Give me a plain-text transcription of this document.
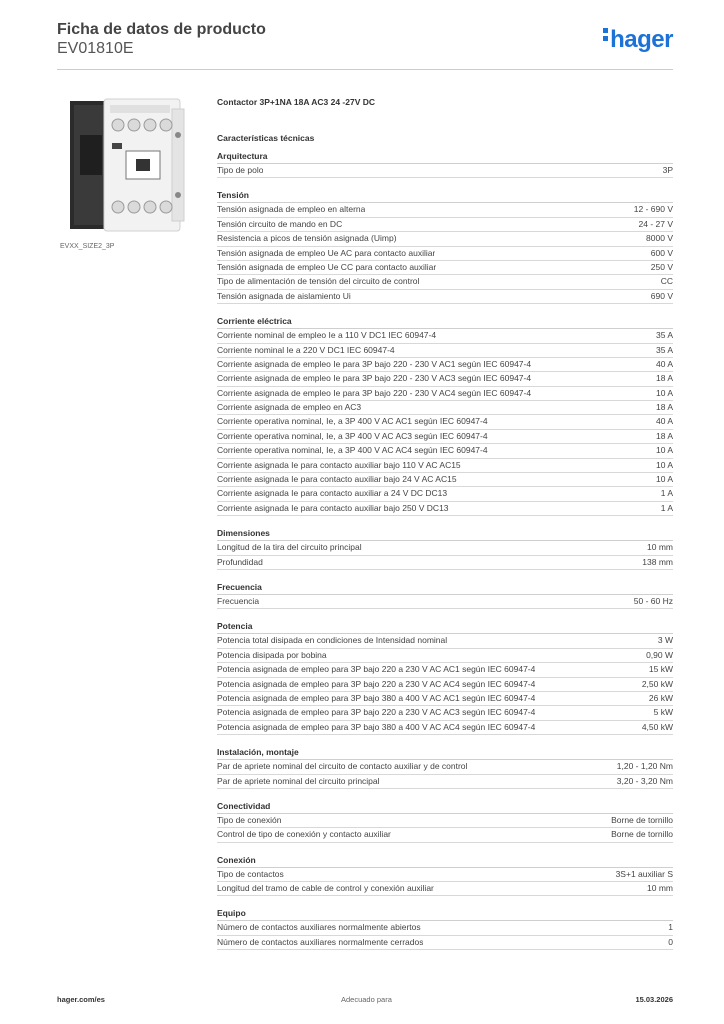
Ficha de datos de producto
EV01810E	hager
EVXX_SIZE2_3P
Contactor 3P+1NA 18A AC3 24 -27V DC
Características técnicas
Arquitectura
Tipo de polo	3P
Tensión
Tensión asignada de empleo en alterna	12 - 690 V
Tensión circuito de mando en DC	24 - 27 V
Resistencia a picos de tensión asignada (Uimp)	8000 V
Tensión asignada de empleo Ue AC para contacto auxiliar	600 V
Tensión asignada de empleo Ue CC para contacto auxiliar	250 V
Tipo de alimentación de tensión del circuito de control	CC
Tensión asignada de aislamiento Ui	690 V
Corriente eléctrica
Corriente nominal de empleo Ie a 110 V DC1 IEC 60947-4	35 A
Corriente nominal Ie a 220 V DC1 IEC 60947-4	35 A
Corriente asignada de empleo Ie para 3P bajo 220 - 230 V AC1 según IEC 60947-4	40 A
Corriente asignada de empleo Ie para 3P bajo 220 - 230 V AC3 según IEC 60947-4	18 A
Corriente asignada de empleo Ie para 3P bajo 220 - 230 V AC4 según IEC 60947-4	10 A
Corriente asignada de empleo en AC3	18 A
Corriente operativa nominal, Ie, a 3P 400 V AC AC1 según IEC 60947-4	40 A
Corriente operativa nominal, Ie, a 3P 400 V AC AC3 según IEC 60947-4	18 A
Corriente operativa nominal, Ie, a 3P 400 V AC AC4 según IEC 60947-4	10 A
Corriente asignada Ie para contacto auxiliar bajo 110 V AC AC15	10 A
Corriente asignada Ie para contacto auxiliar bajo 24 V AC AC15	10 A
Corriente asignada Ie para contacto auxiliar a 24 V DC DC13	1 A
Corriente asignada Ie para contacto auxiliar bajo 250 V DC13	1 A
Dimensiones
Longitud de la tira del circuito principal	10 mm
Profundidad	138 mm
Frecuencia
Frecuencia	50 - 60 Hz
Potencia
Potencia total disipada en condiciones de Intensidad nominal	3 W
Potencia disipada por bobina	0,90 W
Potencia asignada de empleo para 3P bajo 220 a 230 V AC AC1 según IEC 60947-4	15 kW
Potencia asignada de empleo para 3P bajo 220 a 230 V AC AC4 según IEC 60947-4	2,50 kW
Potencia asignada de empleo para 3P bajo 380 a 400 V AC AC1 según IEC 60947-4	26 kW
Potencia asignada de empleo para 3P bajo 220 a 230 V AC AC3 según IEC 60947-4	5 kW
Potencia asignada de empleo para 3P bajo 380 a 400 V AC AC4 según IEC 60947-4	4,50 kW
Instalación, montaje
Par de apriete nominal del circuito de contacto auxiliar y de control	1,20 - 1,20 Nm
Par de apriete nominal del circuito principal	3,20 - 3,20 Nm
Conectividad
Tipo de conexión	Borne de tornillo
Control de tipo de conexión y contacto auxiliar	Borne de tornillo
Conexión
Tipo de contactos	3S+1 auxiliar S
Longitud del tramo de cable de control y conexión auxiliar	10 mm
Equipo
Número de contactos auxiliares normalmente abiertos	1
Número de contactos auxiliares normalmente cerrados	0
hager.com/es	Adecuado para	15.03.2026
